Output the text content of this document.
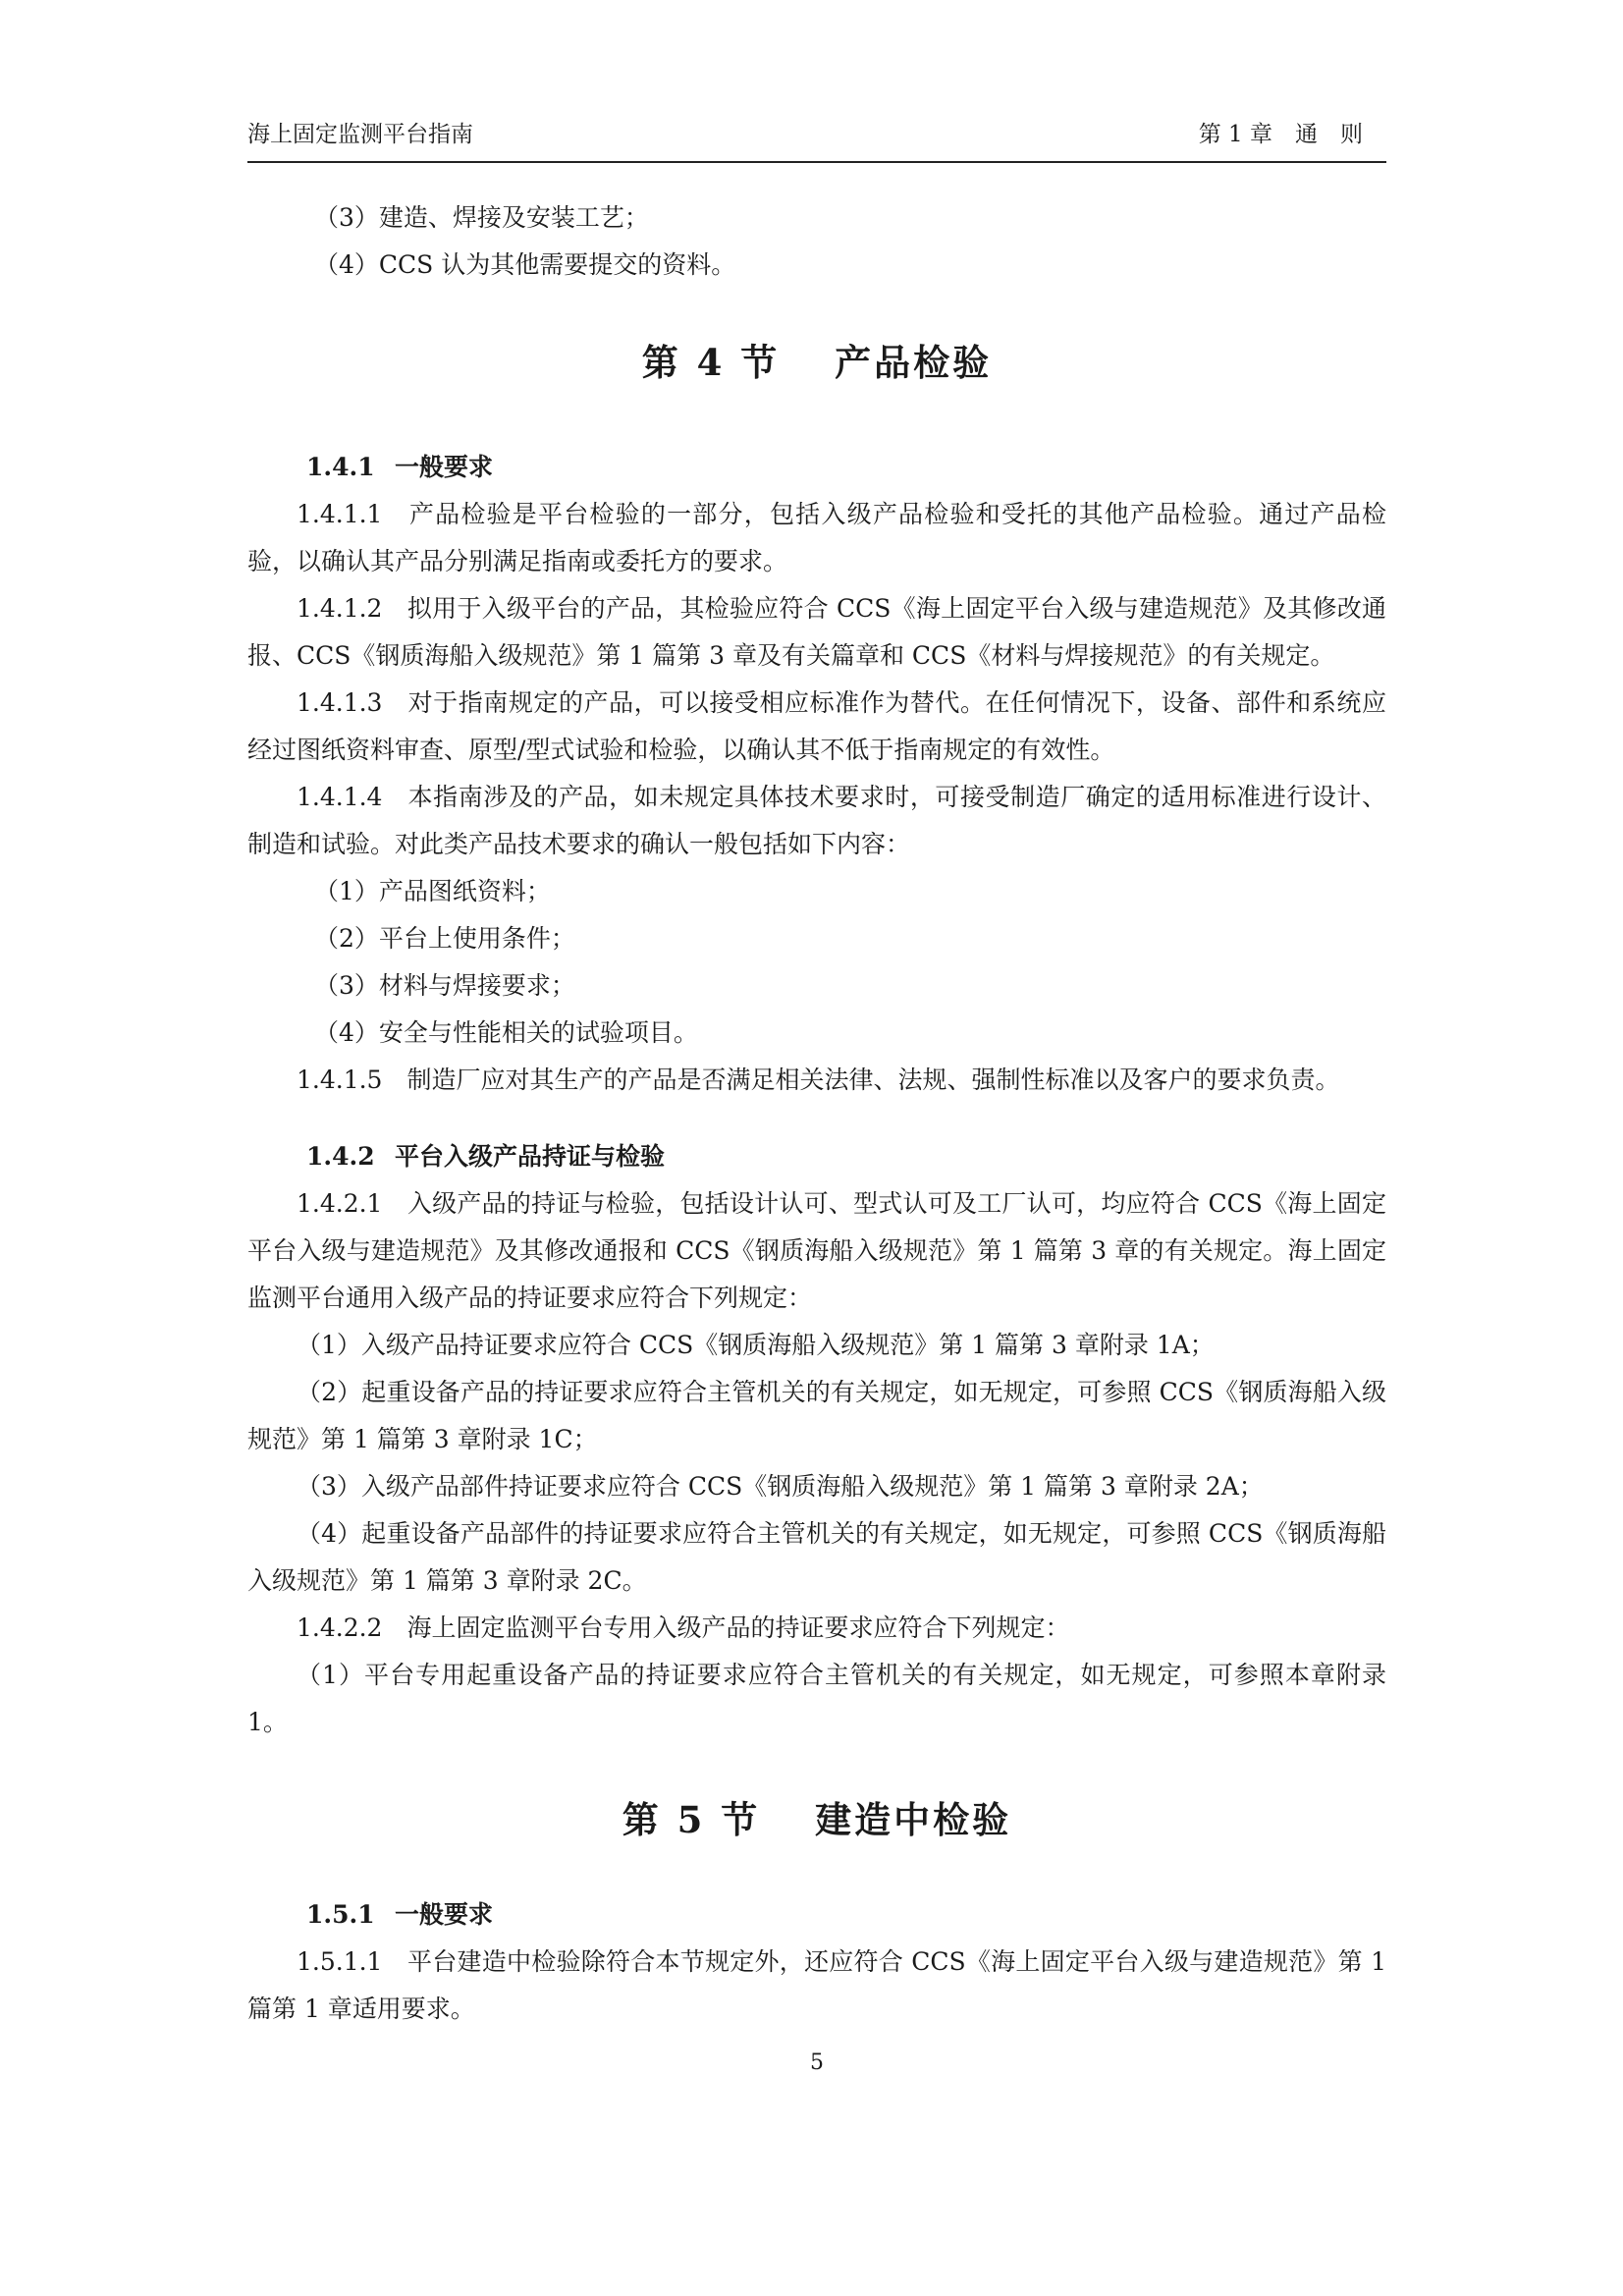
海上固定监测平台指南	第 1 章　通　则

（3）建造、焊接及安装工艺；

（4）CCS 认为其他需要提交的资料。

第 4 节　 产品检验
1.4.1 一般要求

1.4.1.1　产品检验是平台检验的一部分，包括入级产品检验和受托的其他产品检验。通过产品检验，以确认其产品分别满足指南或委托方的要求。

1.4.1.2　拟用于入级平台的产品，其检验应符合 CCS《海上固定平台入级与建造规范》及其修改通报、CCS《钢质海船入级规范》第 1 篇第 3 章及有关篇章和 CCS《材料与焊接规范》的有关规定。

1.4.1.3　对于指南规定的产品，可以接受相应标准作为替代。在任何情况下，设备、部件和系统应经过图纸资料审查、原型/型式试验和检验，以确认其不低于指南规定的有效性。

1.4.1.4　本指南涉及的产品，如未规定具体技术要求时，可接受制造厂确定的适用标准进行设计、制造和试验。对此类产品技术要求的确认一般包括如下内容：

（1）产品图纸资料；

（2）平台上使用条件；

（3）材料与焊接要求；

（4）安全与性能相关的试验项目。

1.4.1.5　制造厂应对其生产的产品是否满足相关法律、法规、强制性标准以及客户的要求负责。

1.4.2 平台入级产品持证与检验

1.4.2.1　入级产品的持证与检验，包括设计认可、型式认可及工厂认可，均应符合 CCS《海上固定平台入级与建造规范》及其修改通报和 CCS《钢质海船入级规范》第 1 篇第 3 章的有关规定。海上固定监测平台通用入级产品的持证要求应符合下列规定：

（1）入级产品持证要求应符合 CCS《钢质海船入级规范》第 1 篇第 3 章附录 1A；

（2）起重设备产品的持证要求应符合主管机关的有关规定，如无规定，可参照 CCS《钢质海船入级规范》第 1 篇第 3 章附录 1C；

（3）入级产品部件持证要求应符合 CCS《钢质海船入级规范》第 1 篇第 3 章附录 2A；

（4）起重设备产品部件的持证要求应符合主管机关的有关规定，如无规定，可参照 CCS《钢质海船入级规范》第 1 篇第 3 章附录 2C。

1.4.2.2　海上固定监测平台专用入级产品的持证要求应符合下列规定：

（1）平台专用起重设备产品的持证要求应符合主管机关的有关规定，如无规定，可参照本章附录 1。

第 5 节　 建造中检验
1.5.1 一般要求

1.5.1.1　平台建造中检验除符合本节规定外，还应符合 CCS《海上固定平台入级与建造规范》第 1 篇第 1 章适用要求。

5
